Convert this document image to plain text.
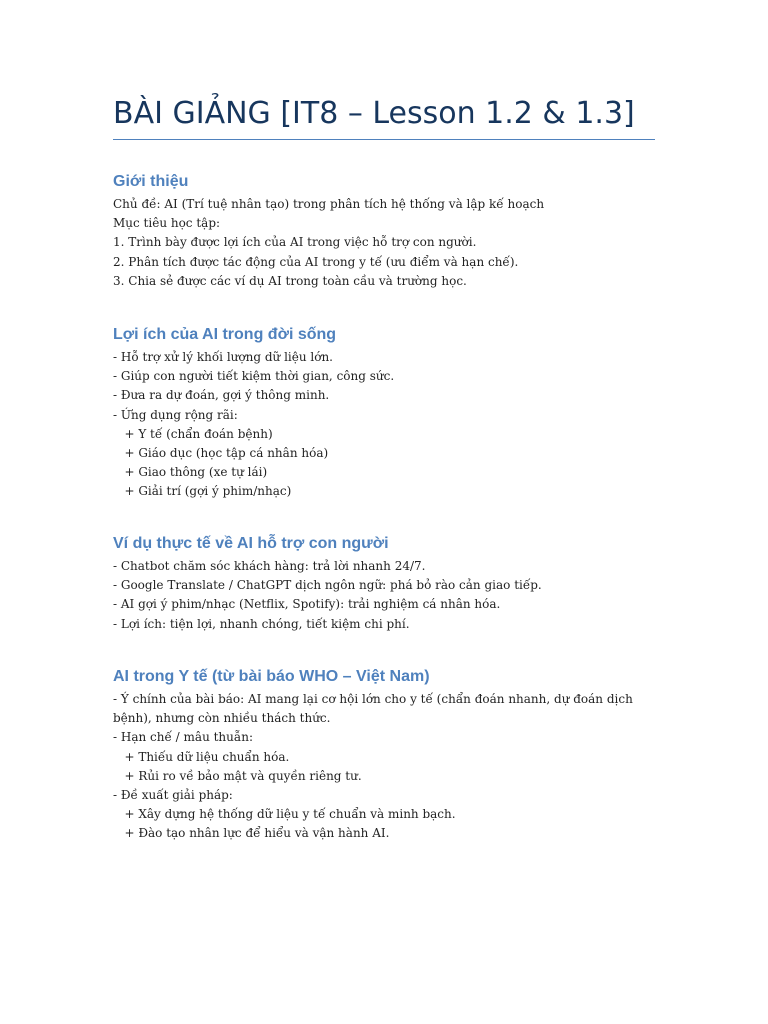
BÀI GIẢNG [IT8 – Lesson 1.2 & 1.3]
Giới thiệu

Chủ đề: AI (Trí tuệ nhân tạo) trong phân tích hệ thống và lập kế hoạch

Mục tiêu học tập:

1. Trình bày được lợi ích của AI trong việc hỗ trợ con người.

2. Phân tích được tác động của AI trong y tế (ưu điểm và hạn chế).

3. Chia sẻ được các ví dụ AI trong toàn cầu và trường học.

Lợi ích của AI trong đời sống

- Hỗ trợ xử lý khối lượng dữ liệu lớn.

- Giúp con người tiết kiệm thời gian, công sức.

- Đưa ra dự đoán, gợi ý thông minh.

- Ứng dụng rộng rãi:

+ Y tế (chẩn đoán bệnh)

+ Giáo dục (học tập cá nhân hóa)

+ Giao thông (xe tự lái)

+ Giải trí (gợi ý phim/nhạc)

Ví dụ thực tế về AI hỗ trợ con người

- Chatbot chăm sóc khách hàng: trả lời nhanh 24/7.

- Google Translate / ChatGPT dịch ngôn ngữ: phá bỏ rào cản giao tiếp.

- AI gợi ý phim/nhạc (Netflix, Spotify): trải nghiệm cá nhân hóa.

- Lợi ích: tiện lợi, nhanh chóng, tiết kiệm chi phí.

AI trong Y tế (từ bài báo WHO – Việt Nam)

- Ý chính của bài báo: AI mang lại cơ hội lớn cho y tế (chẩn đoán nhanh, dự đoán dịch bệnh), nhưng còn nhiều thách thức.

- Hạn chế / mâu thuẫn:

+ Thiếu dữ liệu chuẩn hóa.

+ Rủi ro về bảo mật và quyền riêng tư.

- Đề xuất giải pháp:

+ Xây dựng hệ thống dữ liệu y tế chuẩn và minh bạch.

+ Đào tạo nhân lực để hiểu và vận hành AI.
